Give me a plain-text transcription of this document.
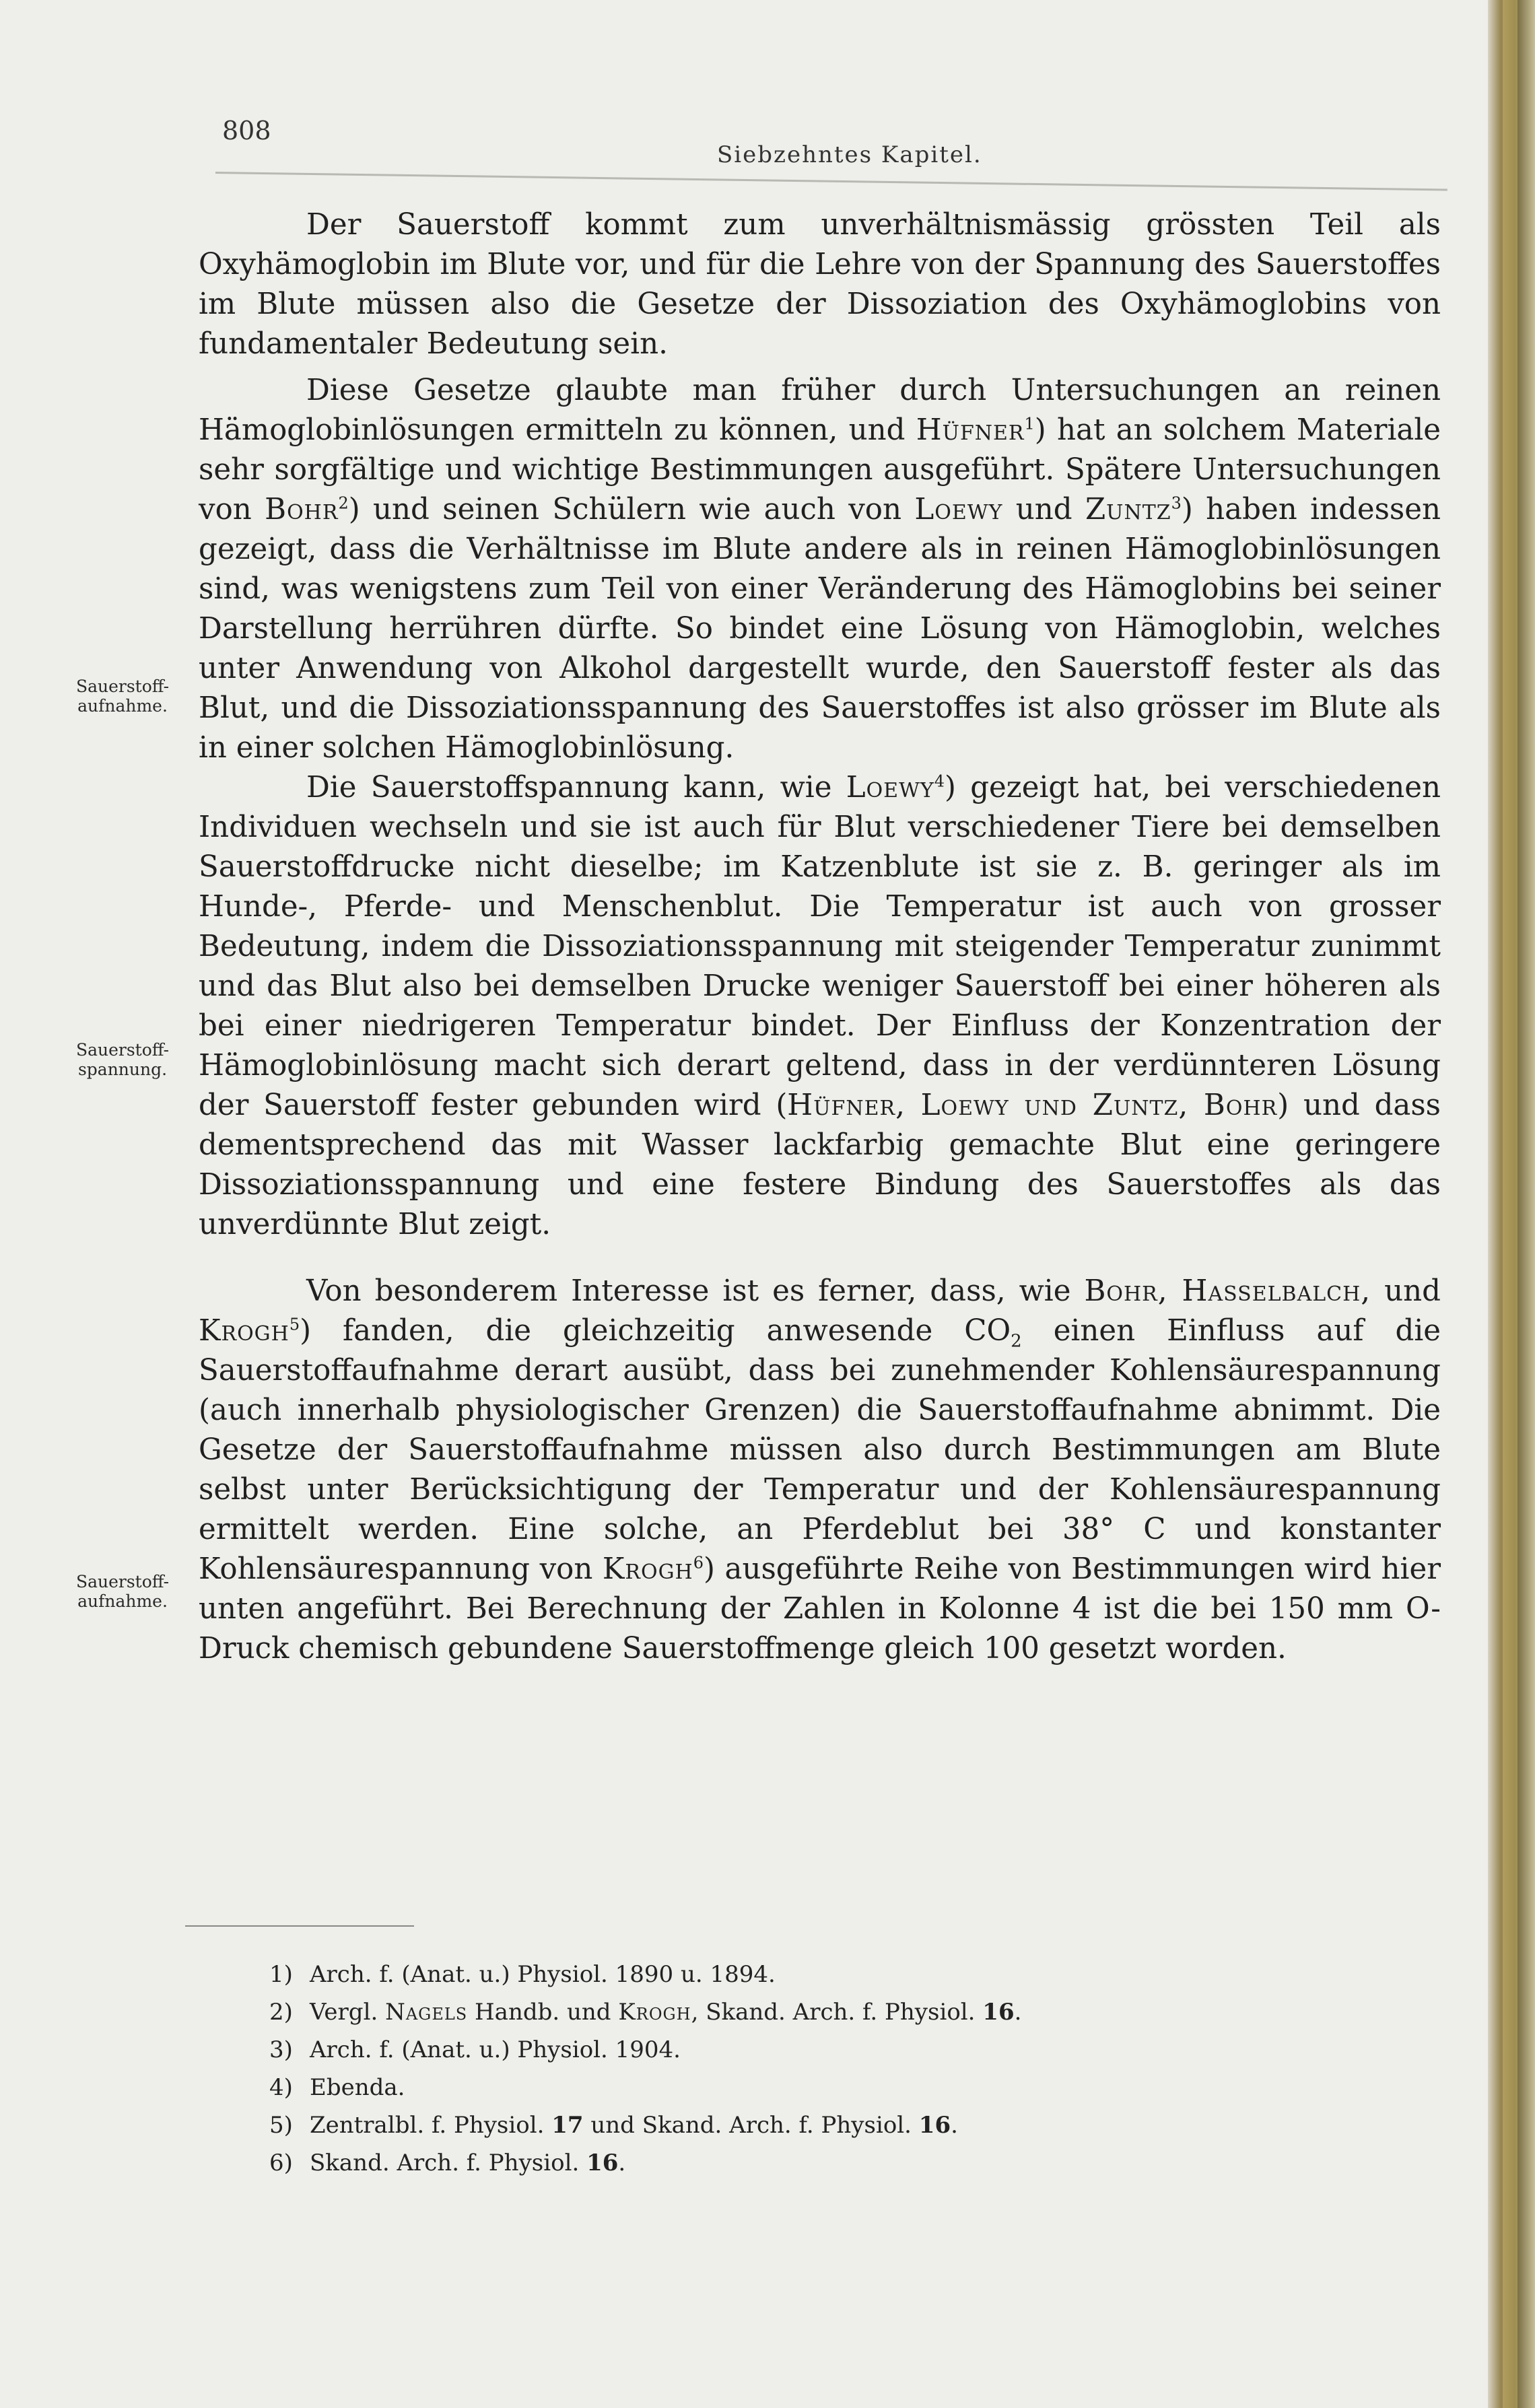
808
Siebzehntes Kapitel.
Sauerstoff-
aufnahme.
Sauerstoff-
spannung.
Sauerstoff-
aufnahme.

Der Sauerstoff kommt zum unverhältnismässig grössten Teil als Oxyhämoglobin im Blute vor, und für die Lehre von der Spannung des Sauerstoffes im Blute müssen also die Gesetze der Dissoziation des Oxyhämoglobins von fundamentaler Bedeutung sein.

Diese Gesetze glaubte man früher durch Untersuchungen an reinen Hämoglobinlösungen ermitteln zu können, und Hüfner$^1$) hat an solchem Materiale sehr sorgfältige und wichtige Bestimmungen ausgeführt. Spätere Untersuchungen von Bohr$^2$) und seinen Schülern wie auch von Loewy und Zuntz$^3$) haben indessen gezeigt, dass die Verhältnisse im Blute andere als in reinen Hämoglobinlösungen sind, was wenigstens zum Teil von einer Veränderung des Hämoglobins bei seiner Darstellung herrühren dürfte. So bindet eine Lösung von Hämoglobin, welches unter Anwendung von Alkohol dargestellt wurde, den Sauerstoff fester als das Blut, und die Dissoziationsspannung des Sauerstoffes ist also grösser im Blute als in einer solchen Hämoglobinlösung.

Die Sauerstoffspannung kann, wie Loewy$^4$) gezeigt hat, bei verschiedenen Individuen wechseln und sie ist auch für Blut verschiedener Tiere bei demselben Sauerstoffdrucke nicht dieselbe; im Katzenblute ist sie z. B. geringer als im Hunde-, Pferde- und Menschenblut. Die Temperatur ist auch von grosser Bedeutung, indem die Dissoziationsspannung mit steigender Temperatur zunimmt und das Blut also bei demselben Drucke weniger Sauerstoff bei einer höheren als bei einer niedrigeren Temperatur bindet. Der Einfluss der Konzentration der Hämoglobinlösung macht sich derart geltend, dass in der verdünnteren Lösung der Sauerstoff fester gebunden wird (Hüfner, Loewy und Zuntz, Bohr) und dass dementsprechend das mit Wasser lackfarbig gemachte Blut eine geringere Dissoziationsspannung und eine festere Bindung des Sauerstoffes als das unverdünnte Blut zeigt.

Von besonderem Interesse ist es ferner, dass, wie Bohr, Hasselbalch, und Krogh$^5$) fanden, die gleichzeitig anwesende $CO_2$ einen Einfluss auf die Sauerstoffaufnahme derart ausübt, dass bei zunehmender Kohlensäurespannung (auch innerhalb physiologischer Grenzen) die Sauerstoffaufnahme abnimmt. Die Gesetze der Sauerstoffaufnahme müssen also durch Bestimmungen am Blute selbst unter Berücksichtigung der Temperatur und der Kohlensäurespannung ermittelt werden. Eine solche, an Pferdeblut bei 38° C und konstanter Kohlensäurespannung von Krogh$^6$) ausgeführte Reihe von Bestimmungen wird hier unten angeführt. Bei Berechnung der Zahlen in Kolonne 4 ist die bei 150 mm O-Druck chemisch gebundene Sauerstoffmenge gleich 100 gesetzt worden.

1) Arch. f. (Anat. u.) Physiol. 1890 u. 1894.
2) Vergl. Nagels Handb. und Krogh, Skand. Arch. f. Physiol. 16.
3) Arch. f. (Anat. u.) Physiol. 1904.
4) Ebenda.
5) Zentralbl. f. Physiol. 17 und Skand. Arch. f. Physiol. 16.
6) Skand. Arch. f. Physiol. 16.
